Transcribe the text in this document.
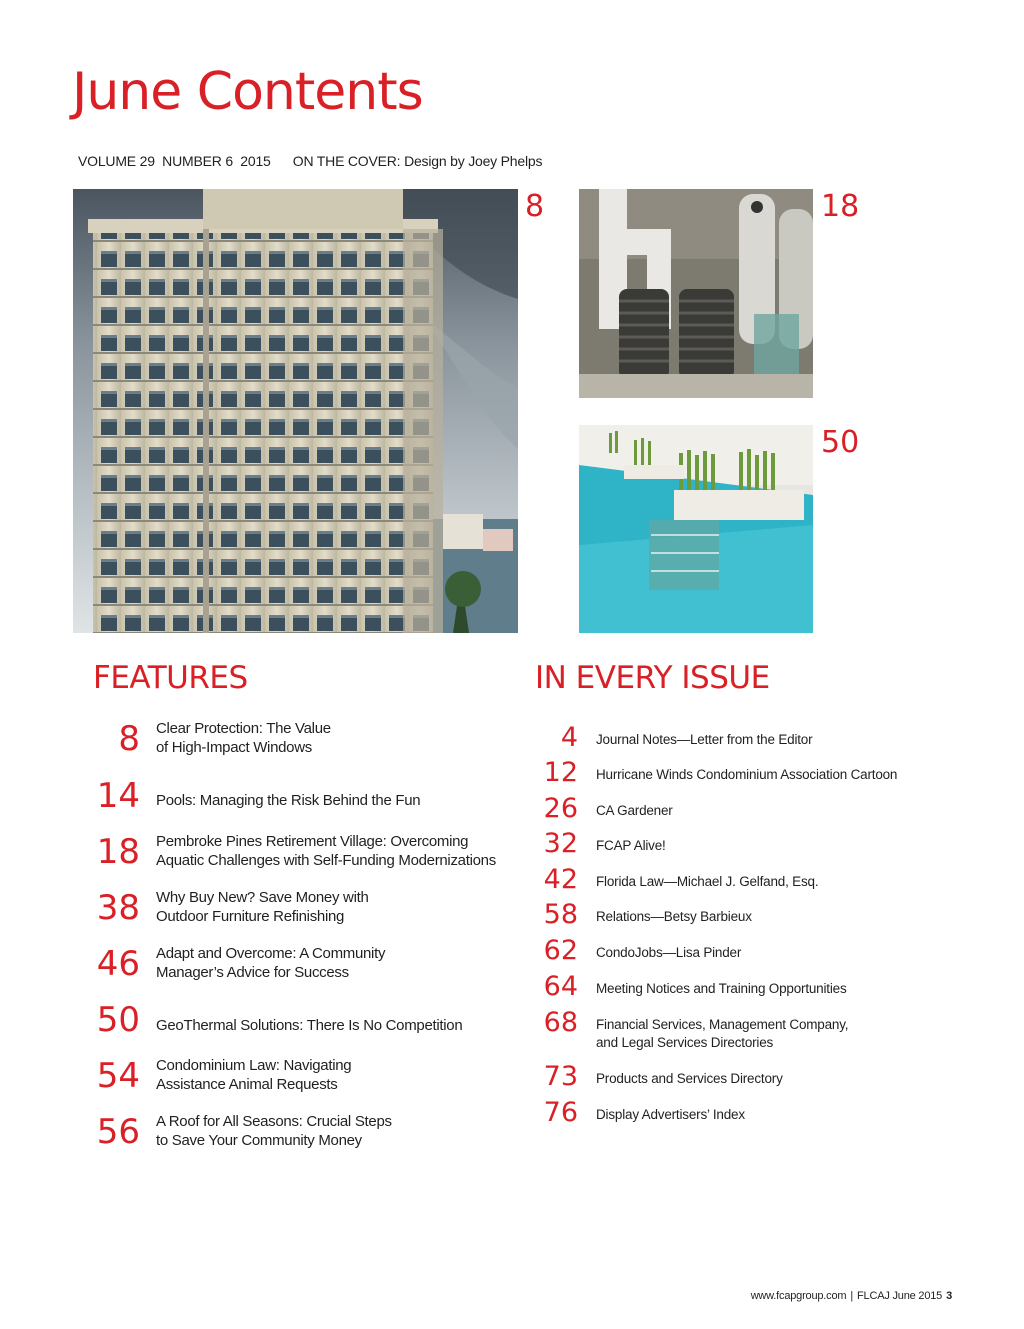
June Contents
VOLUME 29  NUMBER 6  2015      ON THE COVER: Design by Joey Phelps
8	18
50
FEATURES
8 Clear Protection: The Value of High-Impact Windows
14 Pools: Managing the Risk Behind the Fun
18 Pembroke Pines Retirement Village: Overcoming Aquatic Challenges with Self-Funding Modernizations
38 Why Buy New? Save Money with Outdoor Furniture Refinishing
46 Adapt and Overcome: A Community Manager’s Advice for Success
50 GeoThermal Solutions: There Is No Competition
54 Condominium Law: Navigating Assistance Animal Requests
56 A Roof for All Seasons: Crucial Steps to Save Your Community Money
IN EVERY ISSUE
4 Journal Notes—Letter from the Editor
12 Hurricane Winds Condominium Association Cartoon
26 CA Gardener
32 FCAP Alive!
42 Florida Law—Michael J. Gelfand, Esq.
58 Relations—Betsy Barbieux
62 CondoJobs—Lisa Pinder
64 Meeting Notices and Training Opportunities
68 Financial Services, Management Company, and Legal Services Directories
73 Products and Services Directory
76 Display Advertisers’ Index
www.fcapgroup.com | FLCAJ June 2015 3
